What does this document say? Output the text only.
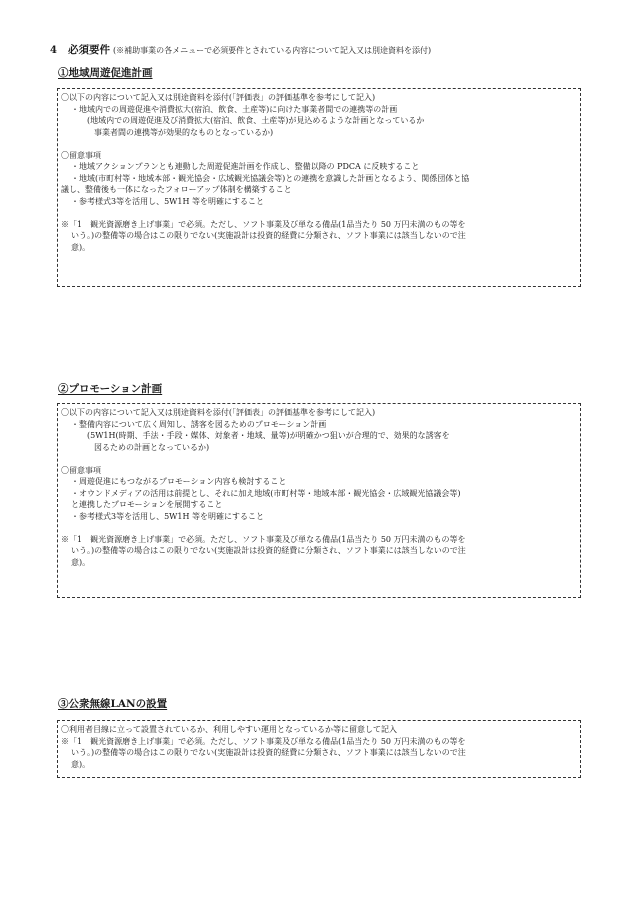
4 必須要件 (※補助事業の各メニューで必須要件とされている内容について記入又は別途資料を添付)
①地域周遊促進計画
〇以下の内容について記入又は別途資料を添付(「評価表」の評価基準を参考にして記入)
・地域内での周遊促進や消費拡大(宿泊、飲食、土産等)に向けた事業者間での連携等の計画
(地域内での周遊促進及び消費拡大(宿泊、飲食、土産等)が見込めるような計画となっているか
事業者間の連携等が効果的なものとなっているか)
〇留意事項
・地域アクションプランとも連動した周遊促進計画を作成し、整備以降の PDCA に反映すること
・地域(市町村等・地域本部・観光協会・広域観光協議会等)との連携を意識した計画となるよう、関係団体と協
議し、整備後も一体になったフォローアップ体制を構築すること
・参考様式3等を活用し、5W1H 等を明確にすること
※「1　観光資源磨き上げ事業」で必須。ただし、ソフト事業及び単なる備品(1品当たり 50 万円未満のもの等を
いう。)の整備等の場合はこの限りでない(実施設計は投資的経費に分類され、ソフト事業には該当しないので注
意)。
②プロモーション計画
〇以下の内容について記入又は別途資料を添付(「評価表」の評価基準を参考にして記入)
・整備内容について広く周知し、誘客を図るためのプロモーション計画
(5W1H(時期、手法・手段・媒体、対象者・地域、量等)が明確かつ狙いが合理的で、効果的な誘客を
図るための計画となっているか)
〇留意事項
・周遊促進にもつながるプロモーション内容も検討すること
・オウンドメディアの活用は前提とし、それに加え地域(市町村等・地域本部・観光協会・広域観光協議会等)
と連携したプロモーションを展開すること
・参考様式3等を活用し、5W1H 等を明確にすること
※「1　観光資源磨き上げ事業」で必須。ただし、ソフト事業及び単なる備品(1品当たり 50 万円未満のもの等を
いう。)の整備等の場合はこの限りでない(実施設計は投資的経費に分類され、ソフト事業には該当しないので注
意)。
③公衆無線LANの設置
〇利用者目線に立って設置されているか、利用しやすい運用となっているか等に留意して記入
※「1　観光資源磨き上げ事業」で必須。ただし、ソフト事業及び単なる備品(1品当たり 50 万円未満のもの等を
いう。)の整備等の場合はこの限りでない(実施設計は投資的経費に分類され、ソフト事業には該当しないので注
意)。
